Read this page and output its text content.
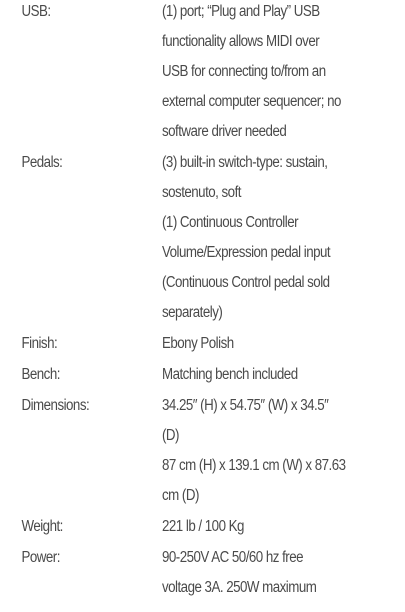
USB:	(1) port; “Plug and Play” USB
functionality allows MIDI over
USB for connecting to/from an
external computer sequencer; no
software driver needed
Pedals:	(3) built-in switch-type: sustain,
sostenuto, soft
(1) Continuous Controller
Volume/Expression pedal input
(Continuous Control pedal sold
separately)
Finish:	Ebony Polish
Bench:	Matching bench included
Dimensions:	34.25″ (H) x 54.75″ (W) x 34.5″
(D)
87 cm (H) x 139.1 cm (W) x 87.63
cm (D)
Weight:	221 lb / 100 Kg
Power:	90-250V AC 50/60 hz free
voltage 3A. 250W maximum
